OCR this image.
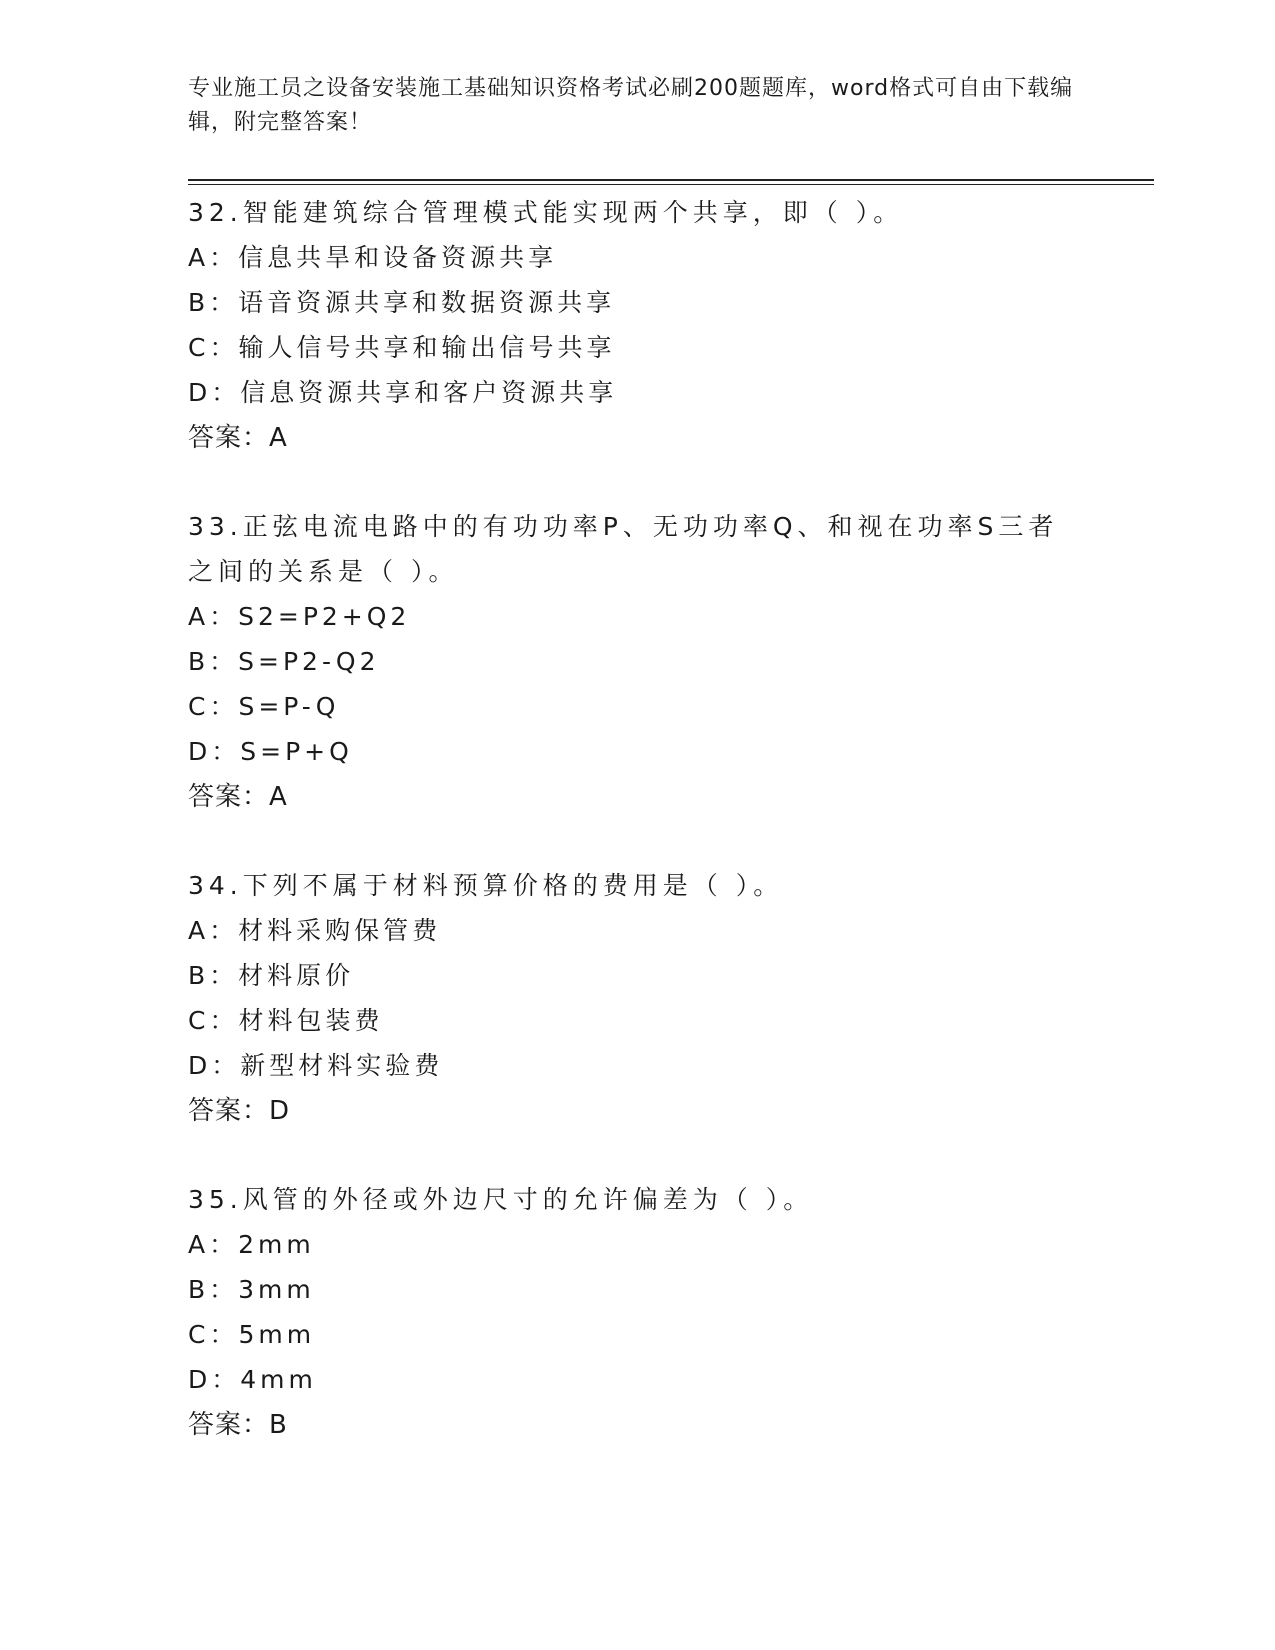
专业施工员之设备安装施工基础知识资格考试必刷200题题库，word格式可自由下载编辑，附完整答案！
32.智能建筑综合管理模式能实现两个共享，即（ ）。
A：信息共旱和设备资源共享
B：语音资源共享和数据资源共享
C：输人信号共享和输出信号共享
D：信息资源共享和客户资源共享
答案：A
33.正弦电流电路中的有功功率P、无功功率Q、和视在功率S三者之间的关系是（ ）。
A：S2=P2+Q2
B：S=P2-Q2
C：S=P-Q
D：S=P+Q
答案：A
34.下列不属于材料预算价格的费用是（ ）。
A：材料采购保管费
B：材料原价
C：材料包装费
D：新型材料实验费
答案：D
35.风管的外径或外边尺寸的允许偏差为（ ）。
A：2mm
B：3mm
C：5mm
D：4mm
答案：B
